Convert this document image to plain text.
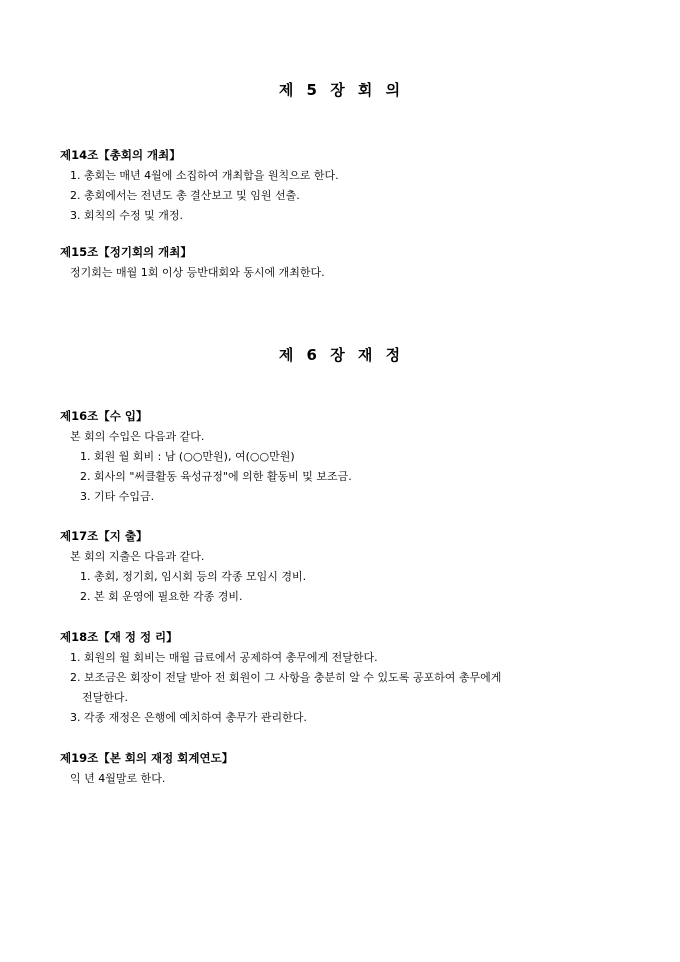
제 5 장 회 의
제14조【총회의 개최】
1. 총회는 매년 4월에 소집하여 개최함을 원칙으로 한다.
2. 총회에서는 전년도 총 결산보고 및 임원 선출.
3. 회칙의 수정 및 개정.
제15조【정기회의 개최】
정기회는 매월 1회 이상 등반대회와 동시에 개최한다.
제 6 장 재 정
제16조【수 입】
본 회의 수입은 다음과 같다.
1. 회원 월 회비 : 남 (○○만원), 여(○○만원)
2. 회사의 "써클활동 육성규정"에 의한 활동비 및 보조금.
3. 기타 수입금.
제17조【지 출】
본 회의 지출은 다음과 같다.
1. 총회, 정기회, 임시회 등의 각종 모임시 경비.
2. 본 회 운영에 필요한 각종 경비.
제18조【재 정 정 리】
1. 회원의 월 회비는 매월 급료에서 공제하여 총무에게 전달한다.
2. 보조금은 회장이 전달 받아 전 회원이 그 사항을 충분히 알 수 있도록 공포하여 총무에게
전달한다.
3. 각종 재정은 은행에 예치하여 총무가 관리한다.
제19조【본 회의 재정 회계연도】
익 년 4월말로 한다.
